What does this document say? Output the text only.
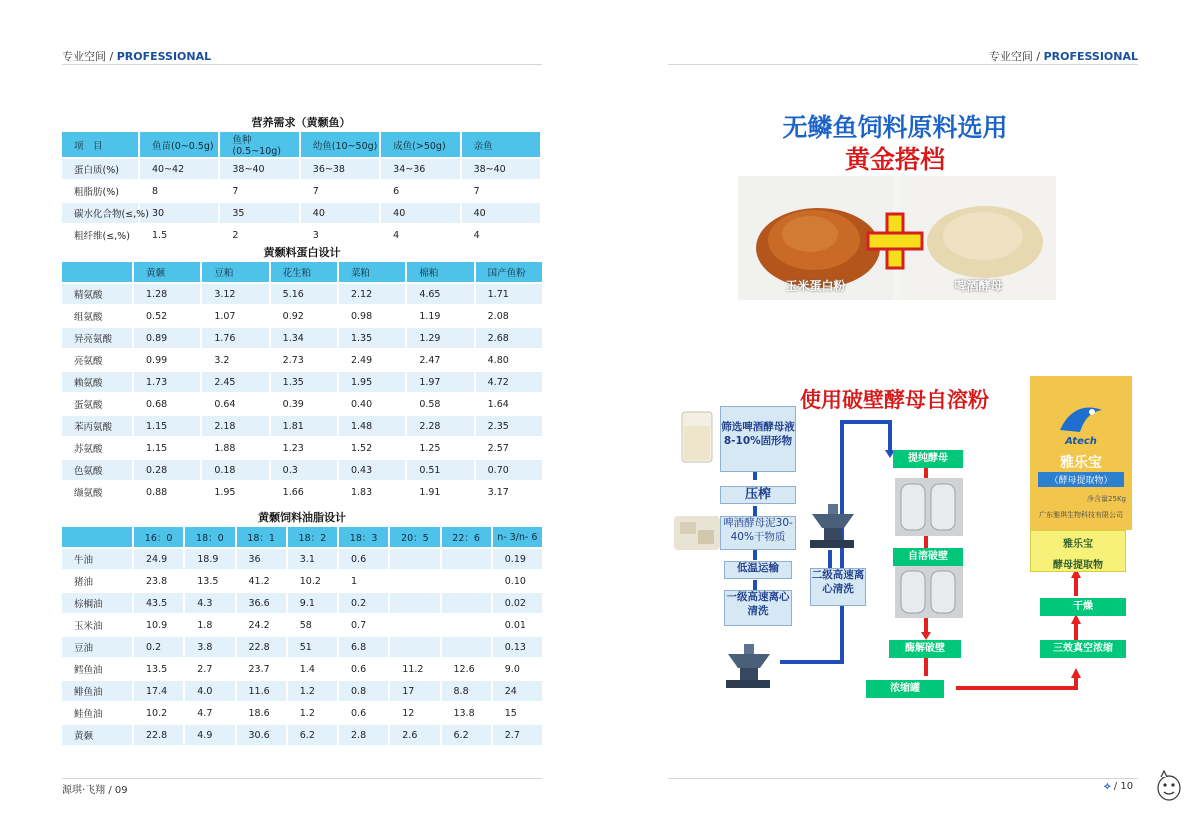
专业空间 / PROFESSIONAL	专业空间 / PROFESSIONAL
营养需求（黄颡鱼）
项　目	鱼苗(0~0.5g)	鱼种(0.5~10g)	幼鱼(10~50g)	成鱼(>50g)	亲鱼
蛋白质(%)	40~42	38~40	36~38	34~36	38~40
粗脂肪(%)	8	7	7	6	7
碳水化合物(≤,%)	30	35	40	40	40
粗纤维(≤,%)	1.5	2	3	4	4
黄颡料蛋白设计
	黄颡	豆粕	花生粕	菜粕	棉粕	国产鱼粉
精氨酸	1.28	3.12	5.16	2.12	4.65	1.71
组氨酸	0.52	1.07	0.92	0.98	1.19	2.08
异亮氨酸	0.89	1.76	1.34	1.35	1.29	2.68
亮氨酸	0.99	3.2	2.73	2.49	2.47	4.80
赖氨酸	1.73	2.45	1.35	1.95	1.97	4.72
蛋氨酸	0.68	0.64	0.39	0.40	0.58	1.64
苯丙氨酸	1.15	2.18	1.81	1.48	2.28	2.35
苏氨酸	1.15	1.88	1.23	1.52	1.25	2.57
色氨酸	0.28	0.18	0.3	0.43	0.51	0.70
缬氨酸	0.88	1.95	1.66	1.83	1.91	3.17
黄颡饲料油脂设计
	16：0	18：0	18：1	18：2	18：3	20：5	22：6	n- 3/n- 6
牛油	24.9	18.9	36	3.1	0.6			0.19
猪油	23.8	13.5	41.2	10.2	1			0.10
棕榈油	43.5	4.3	36.6	9.1	0.2			0.02
玉米油	10.9	1.8	24.2	58	0.7			0.01
豆油	0.2	3.8	22.8	51	6.8			0.13
鳕鱼油	13.5	2.7	23.7	1.4	0.6	11.2	12.6	9.0
鲱鱼油	17.4	4.0	11.6	1.2	0.8	17	8.8	24
鲑鱼油	10.2	4.7	18.6	1.2	0.6	12	13.8	15
黄颡	22.8	4.9	30.6	6.2	2.8	2.6	6.2	2.7
无鳞鱼饲料原料选用
黄金搭档
玉米蛋白粉	啤酒酵母
使用破壁酵母自溶粉
筛选啤酒酵母液
8-10%固形物
压榨
啤酒酵母泥30-40%干物质
低温运输
一级高速离心清洗
二级高速离心清洗
提纯酵母
自溶破壁
酶解破壁
浓缩罐
三效真空浓缩
干燥
Atech
雅乐宝
（酵母提取物）
净含量25Kg
广东雅琪生物科技有限公司
雅乐宝
酵母提取物
源琪·飞翔 / 09	⟡ / 10
